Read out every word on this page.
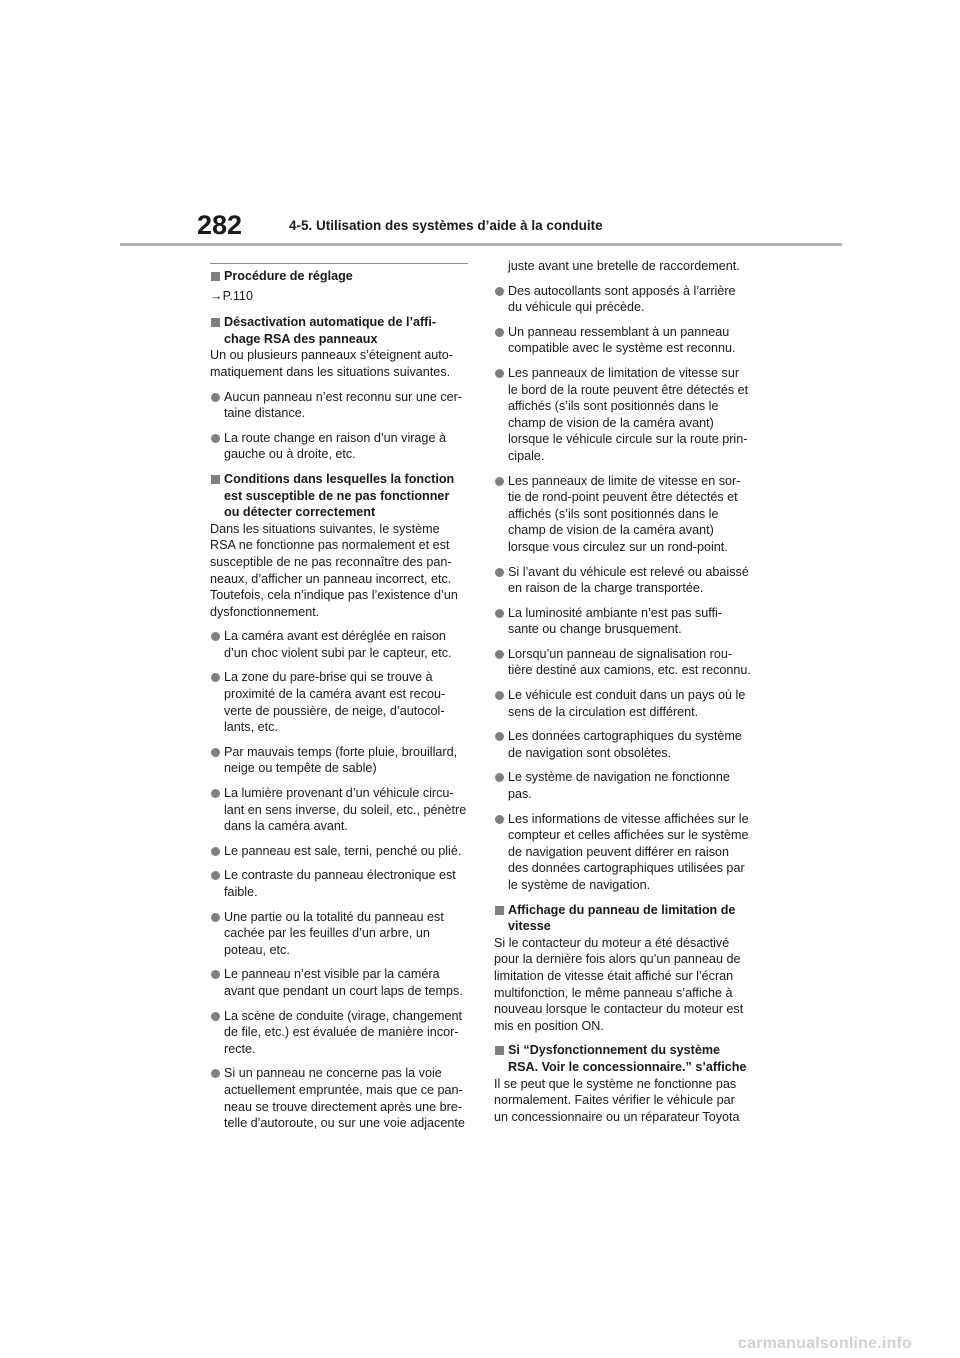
282	4-5. Utilisation des systèmes d’aide à la conduite
Procédure de réglage
→P.110
Désactivation automatique de l’affi-chage RSA des panneaux
Un ou plusieurs panneaux s’éteignent auto-matiquement dans les situations suivantes.
Aucun panneau n’est reconnu sur une cer-taine distance.
La route change en raison d’un virage à gauche ou à droite, etc.
Conditions dans lesquelles la fonction est susceptible de ne pas fonctionner ou détecter correctement
Dans les situations suivantes, le système RSA ne fonctionne pas normalement et est susceptible de ne pas reconnaître des pan-neaux, d’afficher un panneau incorrect, etc. Toutefois, cela n’indique pas l’existence d’un dysfonctionnement.
La caméra avant est déréglée en raison d’un choc violent subi par le capteur, etc.
La zone du pare-brise qui se trouve à proximité de la caméra avant est recou-verte de poussière, de neige, d’autocol-lants, etc.
Par mauvais temps (forte pluie, brouillard, neige ou tempête de sable)
La lumière provenant d’un véhicule circu-lant en sens inverse, du soleil, etc., pénètre dans la caméra avant.
Le panneau est sale, terni, penché ou plié.
Le contraste du panneau électronique est faible.
Une partie ou la totalité du panneau est cachée par les feuilles d’un arbre, un poteau, etc.
Le panneau n’est visible par la caméra avant que pendant un court laps de temps.
La scène de conduite (virage, changement de file, etc.) est évaluée de manière incor-recte.
Si un panneau ne concerne pas la voie actuellement empruntée, mais que ce pan-neau se trouve directement après une bre-telle d’autoroute, ou sur une voie adjacente
juste avant une bretelle de raccordement.
Des autocollants sont apposés à l’arrière du véhicule qui précède.
Un panneau ressemblant à un panneau compatible avec le système est reconnu.
Les panneaux de limitation de vitesse sur le bord de la route peuvent être détectés et affichés (s’ils sont positionnés dans le champ de vision de la caméra avant) lorsque le véhicule circule sur la route prin-cipale.
Les panneaux de limite de vitesse en sor-tie de rond-point peuvent être détectés et affichés (s’ils sont positionnés dans le champ de vision de la caméra avant) lorsque vous circulez sur un rond-point.
Si l’avant du véhicule est relevé ou abaissé en raison de la charge transportée.
La luminosité ambiante n’est pas suffi-sante ou change brusquement.
Lorsqu’un panneau de signalisation rou-tière destiné aux camions, etc. est reconnu.
Le véhicule est conduit dans un pays où le sens de la circulation est différent.
Les données cartographiques du système de navigation sont obsolètes.
Le système de navigation ne fonctionne pas.
Les informations de vitesse affichées sur le compteur et celles affichées sur le système de navigation peuvent différer en raison des données cartographiques utilisées par le système de navigation.
Affichage du panneau de limitation de vitesse
Si le contacteur du moteur a été désactivé pour la dernière fois alors qu’un panneau de limitation de vitesse était affiché sur l’écran multifonction, le même panneau s’affiche à nouveau lorsque le contacteur du moteur est mis en position ON.
Si “Dysfonctionnement du système RSA. Voir le concessionnaire.” s’affiche
Il se peut que le système ne fonctionne pas normalement. Faites vérifier le véhicule par un concessionnaire ou un réparateur Toyota
carmanualsonline.info
